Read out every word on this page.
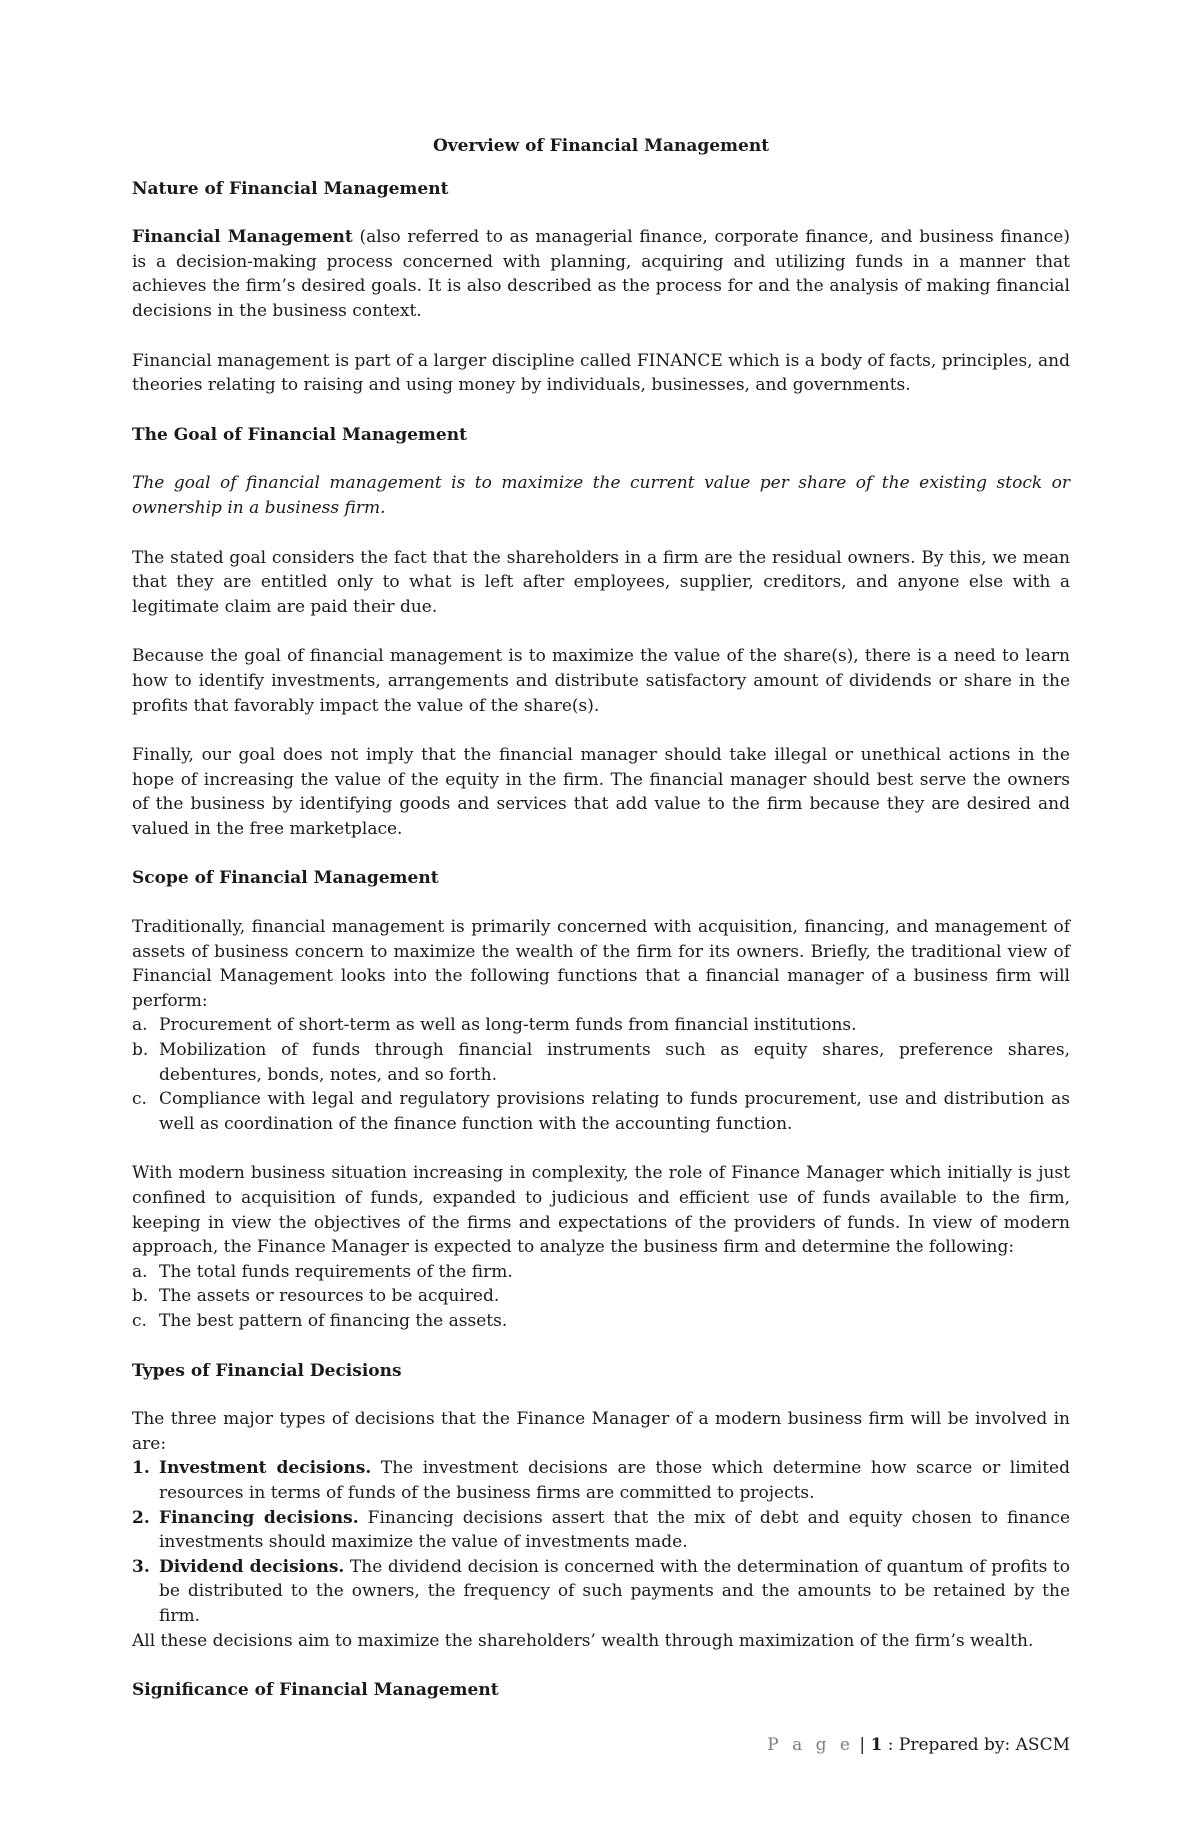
Overview of Financial Management
Nature of Financial Management

Financial Management (also referred to as managerial finance, corporate finance, and business finance) is a decision-making process concerned with planning, acquiring and utilizing funds in a manner that achieves the firm’s desired goals. It is also described as the process for and the analysis of making financial decisions in the business context.

Financial management is part of a larger discipline called FINANCE which is a body of facts, principles, and theories relating to raising and using money by individuals, businesses, and governments.

The Goal of Financial Management

The goal of financial management is to maximize the current value per share of the existing stock or ownership in a business firm.

The stated goal considers the fact that the shareholders in a firm are the residual owners. By this, we mean that they are entitled only to what is left after employees, supplier, creditors, and anyone else with a legitimate claim are paid their due.

Because the goal of financial management is to maximize the value of the share(s), there is a need to learn how to identify investments, arrangements and distribute satisfactory amount of dividends or share in the profits that favorably impact the value of the share(s).

Finally, our goal does not imply that the financial manager should take illegal or unethical actions in the hope of increasing the value of the equity in the firm. The financial manager should best serve the owners of the business by identifying goods and services that add value to the firm because they are desired and valued in the free marketplace.

Scope of Financial Management

Traditionally, financial management is primarily concerned with acquisition, financing, and management of assets of business concern to maximize the wealth of the firm for its owners. Briefly, the traditional view of Financial Management looks into the following functions that a financial manager of a business firm will perform:

a. Procurement of short-term as well as long-term funds from financial institutions.
b. Mobilization of funds through financial instruments such as equity shares, preference shares, debentures, bonds, notes, and so forth.
c. Compliance with legal and regulatory provisions relating to funds procurement, use and distribution as well as coordination of the finance function with the accounting function.

With modern business situation increasing in complexity, the role of Finance Manager which initially is just confined to acquisition of funds, expanded to judicious and efficient use of funds available to the firm, keeping in view the objectives of the firms and expectations of the providers of funds. In view of modern approach, the Finance Manager is expected to analyze the business firm and determine the following:

a. The total funds requirements of the firm.
b. The assets or resources to be acquired.
c. The best pattern of financing the assets.
Types of Financial Decisions

The three major types of decisions that the Finance Manager of a modern business firm will be involved in are:

1. Investment decisions. The investment decisions are those which determine how scarce or limited resources in terms of funds of the business firms are committed to projects.
2. Financing decisions. Financing decisions assert that the mix of debt and equity chosen to finance investments should maximize the value of investments made.
3. Dividend decisions. The dividend decision is concerned with the determination of quantum of profits to be distributed to the owners, the frequency of such payments and the amounts to be retained by the firm.

All these decisions aim to maximize the shareholders’ wealth through maximization of the firm’s wealth.

Significance of Financial Management
P a g e | 1 : Prepared by: ASCM
